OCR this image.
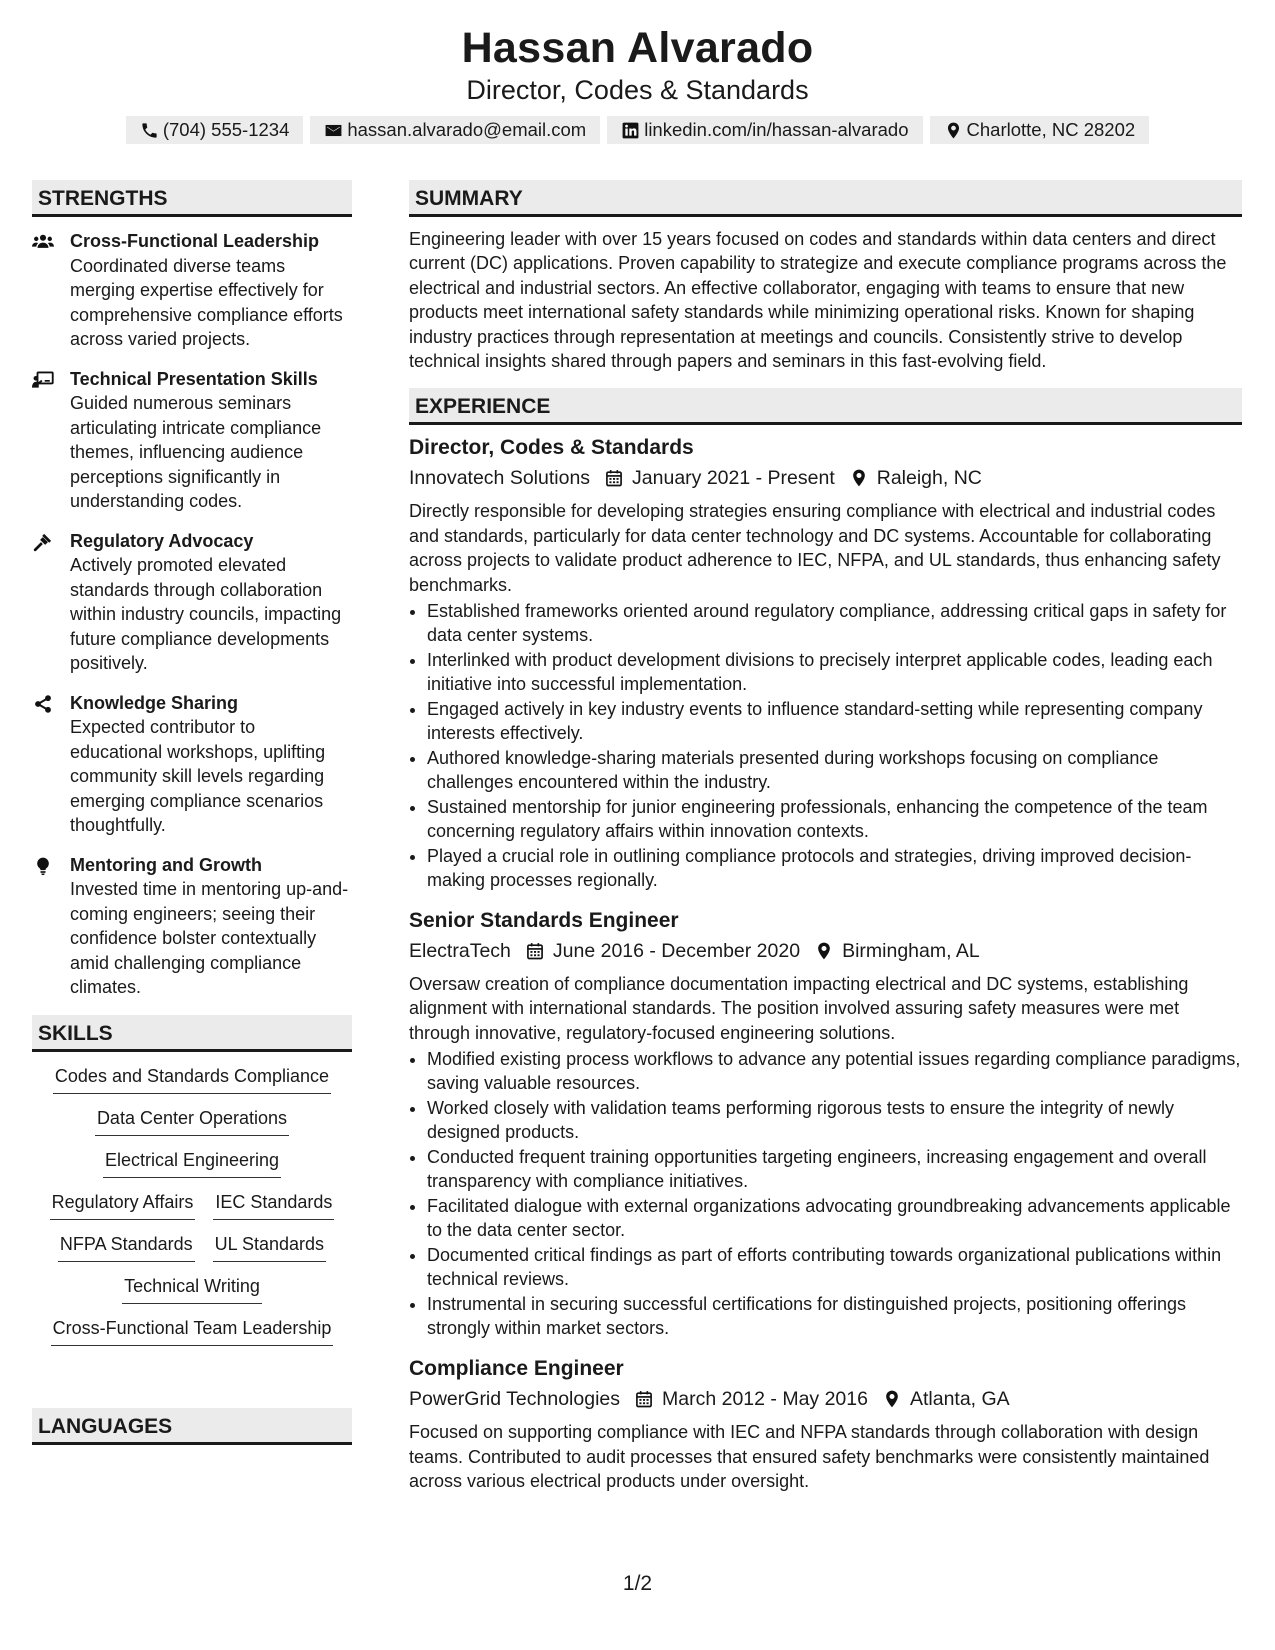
Hassan Alvarado
Director, Codes & Standards
(704) 555-1234	hassan.alvarado@email.com	linkedin.com/in/hassan-alvarado	Charlotte, NC 28202
STRENGTHS
Cross-Functional Leadership
Coordinated diverse teams merging expertise effectively for comprehensive compliance efforts across varied projects.
Technical Presentation Skills
Guided numerous seminars articulating intricate compliance themes, influencing audience perceptions significantly in understanding codes.
Regulatory Advocacy
Actively promoted elevated standards through collaboration within industry councils, impacting future compliance developments positively.
Knowledge Sharing
Expected contributor to educational workshops, uplifting community skill levels regarding emerging compliance scenarios thoughtfully.
Mentoring and Growth
Invested time in mentoring up-and-coming engineers; seeing their confidence bolster contextually amid challenging compliance climates.
SKILLS
Codes and Standards Compliance
Data Center Operations
Electrical Engineering
Regulatory Affairs IEC Standards
NFPA Standards UL Standards
Technical Writing
Cross-Functional Team Leadership
LANGUAGES
SUMMARY
Engineering leader with over 15 years focused on codes and standards within data centers and direct current (DC) applications. Proven capability to strategize and execute compliance programs across the electrical and industrial sectors. An effective collaborator, engaging with teams to ensure that new products meet international safety standards while minimizing operational risks. Known for shaping industry practices through representation at meetings and councils. Consistently strive to develop technical insights shared through papers and seminars in this fast-evolving field.
EXPERIENCE
Director, Codes & Standards
Innovatech Solutions January 2021 - Present Raleigh, NC
Directly responsible for developing strategies ensuring compliance with electrical and industrial codes and standards, particularly for data center technology and DC systems. Accountable for collaborating across projects to validate product adherence to IEC, NFPA, and UL standards, thus enhancing safety benchmarks.
• Established frameworks oriented around regulatory compliance, addressing critical gaps in safety for data center systems.
• Interlinked with product development divisions to precisely interpret applicable codes, leading each initiative into successful implementation.
• Engaged actively in key industry events to influence standard-setting while representing company interests effectively.
• Authored knowledge-sharing materials presented during workshops focusing on compliance challenges encountered within the industry.
• Sustained mentorship for junior engineering professionals, enhancing the competence of the team concerning regulatory affairs within innovation contexts.
• Played a crucial role in outlining compliance protocols and strategies, driving improved decision-making processes regionally.
Senior Standards Engineer
ElectraTech June 2016 - December 2020 Birmingham, AL
Oversaw creation of compliance documentation impacting electrical and DC systems, establishing alignment with international standards. The position involved assuring safety measures were met through innovative, regulatory-focused engineering solutions.
• Modified existing process workflows to advance any potential issues regarding compliance paradigms, saving valuable resources.
• Worked closely with validation teams performing rigorous tests to ensure the integrity of newly designed products.
• Conducted frequent training opportunities targeting engineers, increasing engagement and overall transparency with compliance initiatives.
• Facilitated dialogue with external organizations advocating groundbreaking advancements applicable to the data center sector.
• Documented critical findings as part of efforts contributing towards organizational publications within technical reviews.
• Instrumental in securing successful certifications for distinguished projects, positioning offerings strongly within market sectors.
Compliance Engineer
PowerGrid Technologies March 2012 - May 2016 Atlanta, GA
Focused on supporting compliance with IEC and NFPA standards through collaboration with design teams. Contributed to audit processes that ensured safety benchmarks were consistently maintained across various electrical products under oversight.
1/2
